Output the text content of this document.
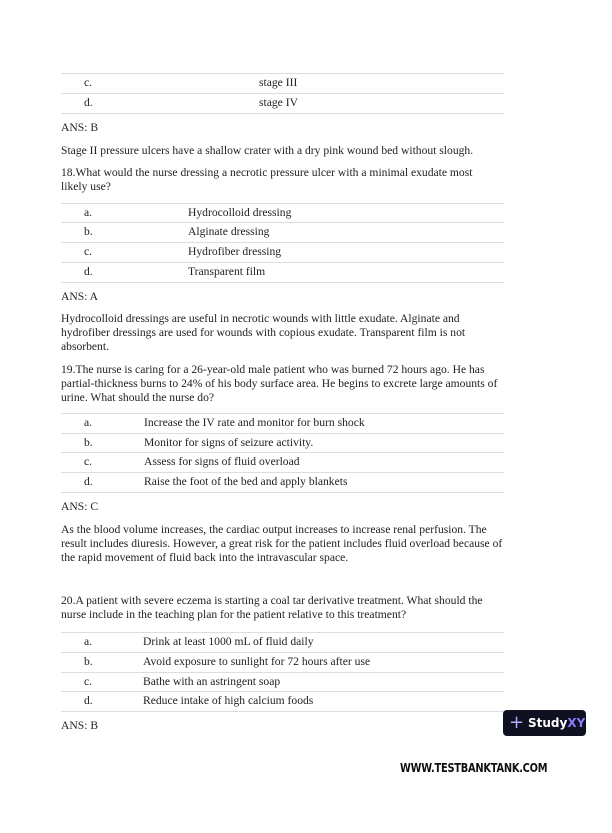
c.	stage III
d.	stage IV
ANS: B
Stage II pressure ulcers have a shallow crater with a dry pink wound bed without slough.
18.What would the nurse dressing a necrotic pressure ulcer with a minimal exudate most likely use?
a.	Hydrocolloid dressing
b.	Alginate dressing
c.	Hydrofiber dressing
d.	Transparent film
ANS: A
Hydrocolloid dressings are useful in necrotic wounds with little exudate. Alginate and hydrofiber dressings are used for wounds with copious exudate. Transparent film is not absorbent.
19.The nurse is caring for a 26-year-old male patient who was burned 72 hours ago. He has partial-thickness burns to 24% of his body surface area. He begins to excrete large amounts of urine. What should the nurse do?
a.	Increase the IV rate and monitor for burn shock
b.	Monitor for signs of seizure activity.
c.	Assess for signs of fluid overload
d.	Raise the foot of the bed and apply blankets
ANS: C
As the blood volume increases, the cardiac output increases to increase renal perfusion. The result includes diuresis. However, a great risk for the patient includes fluid overload because of the rapid movement of fluid back into the intravascular space.
20.A patient with severe eczema is starting a coal tar derivative treatment. What should the nurse include in the teaching plan for the patient relative to this treatment?
a.	Drink at least 1000 mL of fluid daily
b.	Avoid exposure to sunlight for 72 hours after use
c.	Bathe with an astringent soap
d.	Reduce intake of high calcium foods
ANS: B	+ StudyXY
WWW.TESTBANKTANK.COM
